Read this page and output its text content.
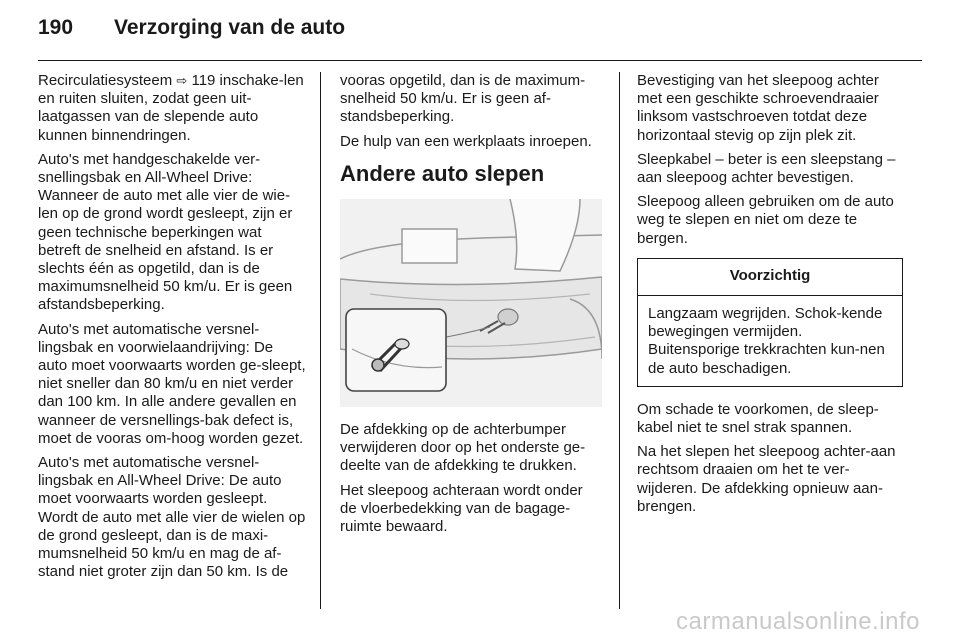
190 Verzorging van de auto

Recirculatiesysteem ⇨ 119 inschake-len en ruiten sluiten, zodat geen uit-laatgassen van de slepende auto kunnen binnendringen.

Auto's met handgeschakelde ver-snellingsbak en All-Wheel Drive: Wanneer de auto met alle vier de wie-len op de grond wordt gesleept, zijn er geen technische beperkingen wat betreft de snelheid en afstand. Is er slechts één as opgetild, dan is de maximumsnelheid 50 km/u. Er is geen afstandsbeperking.

Auto's met automatische versnel-lingsbak en voorwielaandrijving: De auto moet voorwaarts worden ge-sleept, niet sneller dan 80 km/u en niet verder dan 100 km. In alle andere gevallen en wanneer de versnellings-bak defect is, moet de vooras om-hoog worden gezet.

Auto's met automatische versnel-lingsbak en All-Wheel Drive: De auto moet voorwaarts worden gesleept. Wordt de auto met alle vier de wielen op de grond gesleept, dan is de maxi-mumsnelheid 50 km/u en mag de af-stand niet groter zijn dan 50 km. Is de

vooras opgetild, dan is de maximum-snelheid 50 km/u. Er is geen af-standsbeperking.

De hulp van een werkplaats inroepen.

Andere auto slepen

De afdekking op de achterbumper verwijderen door op het onderste ge-deelte van de afdekking te drukken.

Het sleepoog achteraan wordt onder de vloerbedekking van de bagage-ruimte bewaard.

Bevestiging van het sleepoog achter met een geschikte schroevendraaier linksom vastschroeven totdat deze horizontaal stevig op zijn plek zit.

Sleepkabel – beter is een sleepstang – aan sleepoog achter bevestigen.

Sleepoog alleen gebruiken om de auto weg te slepen en niet om deze te bergen.

Voorzichtig
Langzaam wegrijden. Schok-kende bewegingen vermijden. Buitensporige trekkrachten kun-nen de auto beschadigen.

Om schade te voorkomen, de sleep-kabel niet te snel strak spannen.

Na het slepen het sleepoog achter-aan rechtsom draaien om het te ver-wijderen. De afdekking opnieuw aan-brengen.

carmanualsonline.info
